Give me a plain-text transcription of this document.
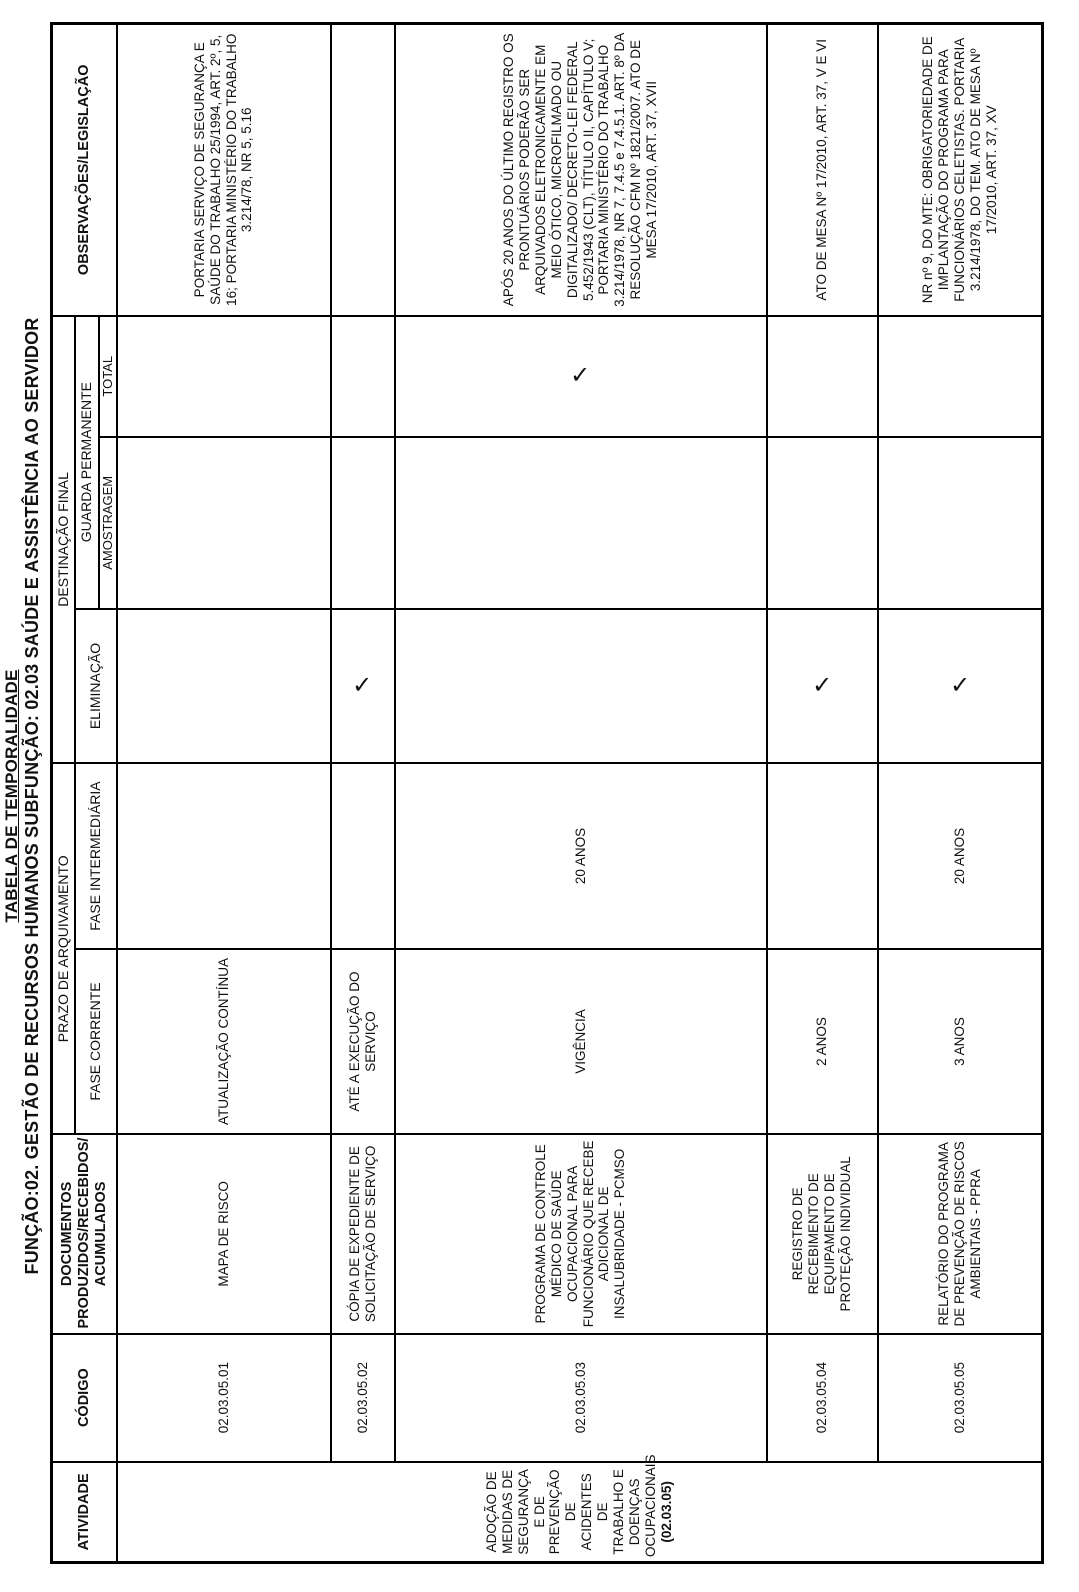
TABELA DE TEMPORALIDADE FUNÇÃO:02. GESTÃO DE RECURSOS HUMANOS SUBFUNÇÃO: 02.03 SAÚDE E ASSISTÊNCIA AO SERVIDOR
ATIVIDADE	CÓDIGO	DOCUMENTOS PRODUZIDOS/RECEBIDOS/ ACUMULADOS	PRAZO DE ARQUIVAMENTO		DESTINAÇÃO FINAL			OBSERVAÇÕES/LEGISLAÇÃO
			FASE CORRENTE	FASE INTERMEDIÁRIA	ELIMINAÇÃO	GUARDA PERMANENTE		
						AMOSTRAGEM	TOTAL	
ADOÇÃO DE MEDIDAS DE SEGURANÇA E DE PREVENÇÃO DE ACIDENTES DE TRABALHO E DOENÇAS OCUPACIONAIS
(02.03.05)	02.03.05.01	MAPA DE RISCO	ATUALIZAÇÃO CONTÍNUA					PORTARIA SERVIÇO DE SEGURANÇA E SAÚDE DO TRABALHO 25/1994, ART. 2º, 5, 16; PORTARIA MINISTÉRIO DO TRABALHO 3.214/78, NR 5, 5.16
	02.03.05.02	CÓPIA DE EXPEDIENTE DE SOLICITAÇÃO DE SERVIÇO	ATÉ A EXECUÇÃO DO SERVIÇO		✓			
	02.03.05.03	PROGRAMA DE CONTROLE MÉDICO DE SAÚDE OCUPACIONAL PARA FUNCIONÁRIO QUE RECEBE ADICIONAL DE INSALUBRIDADE - PCMSO	VIGÊNCIA	20 ANOS			✓	APÓS 20 ANOS DO ÚLTIMO REGISTRO OS PRONTUÁRIOS PODERÃO SER ARQUIVADOS ELETRONICAMENTE EM MEIO ÓTICO, MICROFILMADO OU DIGITALIZADO/ DECRETO-LEI FEDERAL 5.452/1943 (CLT), TÍTULO II, CAPÍTULO V; PORTARIA MINISTÉRIO DO TRABALHO 3.214/1978, NR 7, 7.4.5 e 7.4.5.1. ART. 8º DA RESOLUÇÃO CFM Nº 1821/2007. ATO DE MESA 17/2010, ART. 37, XVII
	02.03.05.04	REGISTRO DE RECEBIMENTO DE EQUIPAMENTO DE PROTEÇÃO INDIVIDUAL	2 ANOS		✓			ATO DE MESA Nº 17/2010, ART. 37, V E VI
	02.03.05.05	RELATÓRIO DO PROGRAMA DE PREVENÇÃO DE RISCOS AMBIENTAIS - PPRA	3 ANOS	20 ANOS	✓			NR nº 9, DO MTE: OBRIGATORIEDADE DE IMPLANTAÇÃO DO PROGRAMA PARA FUNCIONÁRIOS CELETISTAS. PORTARIA 3.214/1978, DO TEM. ATO DE MESA Nº 17/2010, ART. 37, XV
